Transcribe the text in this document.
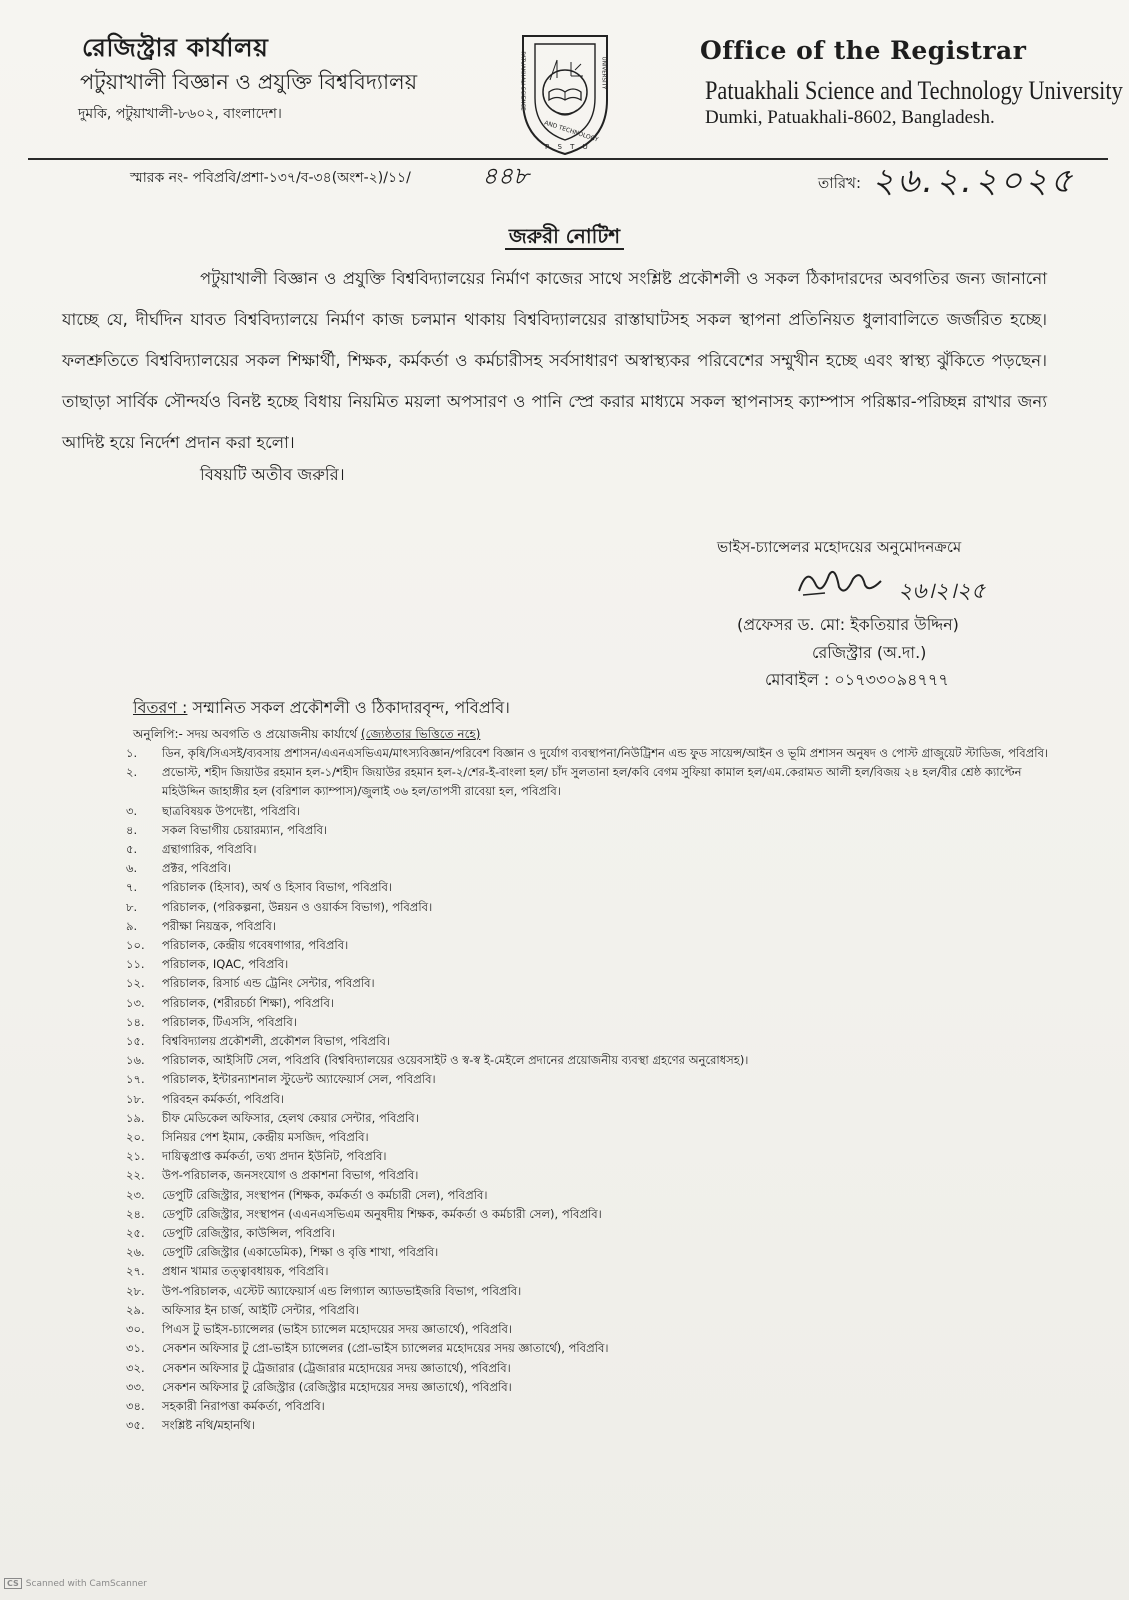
রেজিস্ট্রার কার্যালয়
পটুয়াখালী বিজ্ঞান ও প্রযুক্তি বিশ্ববিদ্যালয়
দুমকি, পটুয়াখালী-৮৬০২, বাংলাদেশ।
PATUAKHALI SCIENCE	UNIVERSITY
AND TECHNOLOGY
P S T U
Office of the Registrar
Patuakhali Science and Technology University
Dumki, Patuakhali-8602, Bangladesh.
স্মারক নং- পবিপ্রবি/প্রশা-১৩৭/ব-৩৪(অংশ-২)/১১/	৪৪৮	তারিখ: ২৬.২.২০২৫
জরুরী নোটিশ
পটুয়াখালী বিজ্ঞান ও প্রযুক্তি বিশ্ববিদ্যালয়ের নির্মাণ কাজের সাথে সংশ্লিষ্ট প্রকৌশলী ও সকল ঠিকাদারদের অবগতির জন্য জানানো যাচ্ছে যে, দীর্ঘদিন যাবত বিশ্ববিদ্যালয়ে নির্মাণ কাজ চলমান থাকায় বিশ্ববিদ্যালয়ের রাস্তাঘাটসহ সকল স্থাপনা প্রতিনিয়ত ধুলাবালিতে জর্জরিত হচ্ছে। ফলশ্রুতিতে বিশ্ববিদ্যালয়ের সকল শিক্ষার্থী, শিক্ষক, কর্মকর্তা ও কর্মচারীসহ সর্বসাধারণ অস্বাস্থ্যকর পরিবেশের সম্মুখীন হচ্ছে এবং স্বাস্থ্য ঝুঁকিতে পড়ছেন। তাছাড়া সার্বিক সৌন্দর্যও বিনষ্ট হচ্ছে বিধায় নিয়মিত ময়লা অপসারণ ও পানি স্প্রে করার মাধ্যমে সকল স্থাপনাসহ ক্যাম্পাস পরিষ্কার-পরিচ্ছন্ন রাখার জন্য আদিষ্ট হয়ে নির্দেশ প্রদান করা হলো।
বিষয়টি অতীব জরুরি।
ভাইস-চ্যান্সেলর মহোদয়ের অনুমোদনক্রমে
২৬।২।২৫
(প্রফেসর ড. মো: ইকতিয়ার উদ্দিন)
রেজিস্ট্রার (অ.দা.)
মোবাইল : ০১৭৩৩০৯৪৭৭৭
বিতরণ : সম্মানিত সকল প্রকৌশলী ও ঠিকাদারবৃন্দ, পবিপ্রবি।
অনুলিপি:- সদয় অবগতি ও প্রয়োজনীয় কার্যার্থে (জ্যেষ্ঠতার ভিত্তিতে নহে)
১.	ডিন, কৃষি/সিএসই/ব্যবসায় প্রশাসন/এএনএসভিএম/মাৎস্যবিজ্ঞান/পরিবেশ বিজ্ঞান ও দুর্যোগ ব্যবস্থাপনা/নিউট্রিশন এন্ড ফুড সায়েন্স/আইন ও ভূমি প্রশাসন অনুষদ ও পোস্ট গ্রাজুয়েট স্টাডিজ, পবিপ্রবি।
২.	প্রভোস্ট, শহীদ জিয়াউর রহমান হল-১/শহীদ জিয়াউর রহমান হল-২/শের-ই-বাংলা হল/ চাঁদ সুলতানা হল/কবি বেগম সুফিয়া কামাল হল/এম.কেরামত আলী হল/বিজয় ২৪ হল/বীর শ্রেষ্ঠ ক্যাপ্টেন মহিউদ্দিন জাহাঙ্গীর হল (বরিশাল ক্যাম্পাস)/জুলাই ৩৬ হল/তাপসী রাবেয়া হল, পবিপ্রবি।
৩.	ছাত্রবিষয়ক উপদেষ্টা, পবিপ্রবি।
৪.	সকল বিভাগীয় চেয়ারম্যান, পবিপ্রবি।
৫.	গ্রন্থাগারিক, পবিপ্রবি।
৬.	প্রক্টর, পবিপ্রবি।
৭.	পরিচালক (হিসাব), অর্থ ও হিসাব বিভাগ, পবিপ্রবি।
৮.	পরিচালক, (পরিকল্পনা, উন্নয়ন ও ওয়ার্কস বিভাগ), পবিপ্রবি।
৯.	পরীক্ষা নিয়ন্ত্রক, পবিপ্রবি।
১০.	পরিচালক, কেন্দ্রীয় গবেষণাগার, পবিপ্রবি।
১১.	পরিচালক, IQAC, পবিপ্রবি।
১২.	পরিচালক, রিসার্চ এন্ড ট্রেনিং সেন্টার, পবিপ্রবি।
১৩.	পরিচালক, (শরীরচর্চা শিক্ষা), পবিপ্রবি।
১৪.	পরিচালক, টিএসসি, পবিপ্রবি।
১৫.	বিশ্ববিদ্যালয় প্রকৌশলী, প্রকৌশল বিভাগ, পবিপ্রবি।
১৬.	পরিচালক, আইসিটি সেল, পবিপ্রবি (বিশ্ববিদ্যালয়ের ওয়েবসাইট ও স্ব-স্ব ই-মেইলে প্রদানের প্রয়োজনীয় ব্যবস্থা গ্রহণের অনুরোধসহ)।
১৭.	পরিচালক, ইন্টারন্যাশনাল স্টুডেন্ট অ্যাফেয়ার্স সেল, পবিপ্রবি।
১৮.	পরিবহন কর্মকর্তা, পবিপ্রবি।
১৯.	চীফ মেডিকেল অফিসার, হেলথ কেয়ার সেন্টার, পবিপ্রবি।
২০.	সিনিয়র পেশ ইমাম, কেন্দ্রীয় মসজিদ, পবিপ্রবি।
২১.	দায়িত্বপ্রাপ্ত কর্মকর্তা, তথ্য প্রদান ইউনিট, পবিপ্রবি।
২২.	উপ-পরিচালক, জনসংযোগ ও প্রকাশনা বিভাগ, পবিপ্রবি।
২৩.	ডেপুটি রেজিস্ট্রার, সংস্থাপন (শিক্ষক, কর্মকর্তা ও কর্মচারী সেল), পবিপ্রবি।
২৪.	ডেপুটি রেজিস্ট্রার, সংস্থাপন (এএনএসভিএম অনুষদীয় শিক্ষক, কর্মকর্তা ও কর্মচারী সেল), পবিপ্রবি।
২৫.	ডেপুটি রেজিস্ট্রার, কাউন্সিল, পবিপ্রবি।
২৬.	ডেপুটি রেজিস্ট্রার (একাডেমিক), শিক্ষা ও বৃত্তি শাখা, পবিপ্রবি।
২৭.	প্রধান খামার তত্ত্বাবধায়ক, পবিপ্রবি।
২৮.	উপ-পরিচালক, এস্টেট অ্যাফেয়ার্স এন্ড লিগ্যাল অ্যাডভাইজরি বিভাগ, পবিপ্রবি।
২৯.	অফিসার ইন চার্জ, আইটি সেন্টার, পবিপ্রবি।
৩০.	পিএস টু ভাইস-চ্যান্সেলর (ভাইস চ্যান্সেল মহোদয়ের সদয় জ্ঞাতার্থে), পবিপ্রবি।
৩১.	সেকশন অফিসার টু প্রো-ভাইস চ্যান্সেলর (প্রো-ভাইস চ্যান্সেলর মহোদয়ের সদয় জ্ঞাতার্থে), পবিপ্রবি।
৩২.	সেকশন অফিসার টু ট্রেজারার (ট্রেজারার মহোদয়ের সদয় জ্ঞাতার্থে), পবিপ্রবি।
৩৩.	সেকশন অফিসার টু রেজিস্ট্রার (রেজিস্ট্রার মহোদয়ের সদয় জ্ঞাতার্থে), পবিপ্রবি।
৩৪.	সহকারী নিরাপত্তা কর্মকর্তা, পবিপ্রবি।
৩৫.	সংশ্লিষ্ট নথি/মহানথি।
CS Scanned with CamScanner
